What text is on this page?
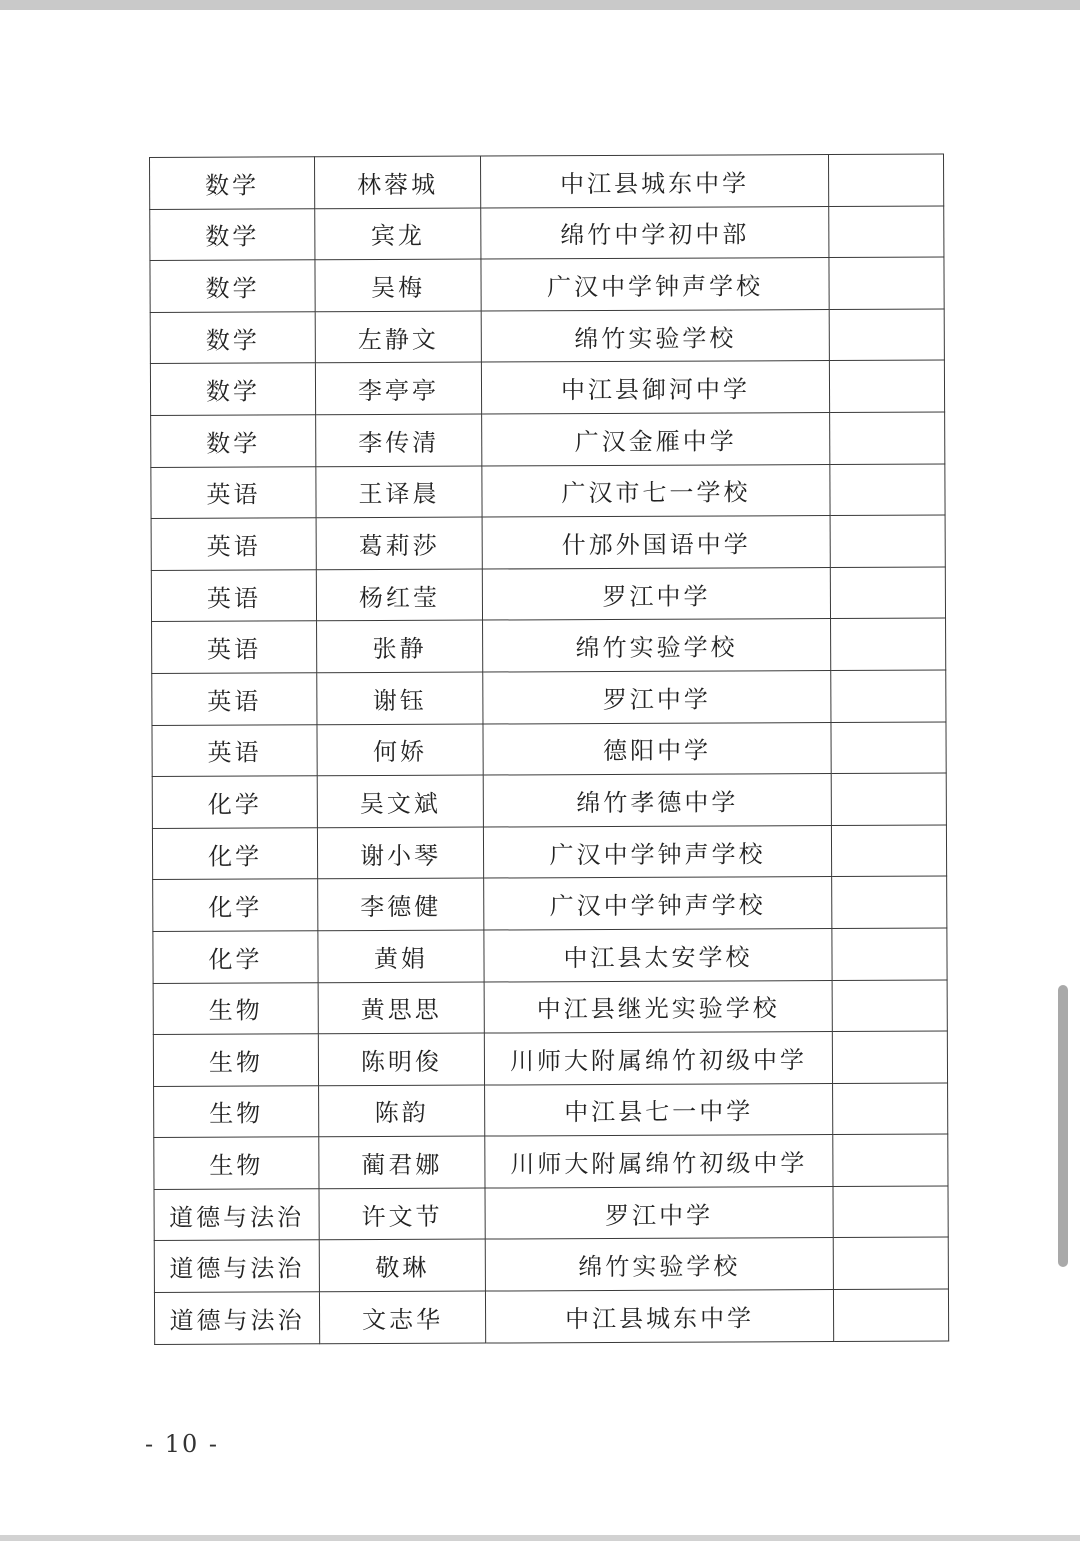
数学	林蓉城	中江县城东中学	
数学	宾龙	绵竹中学初中部	
数学	吴梅	广汉中学钟声学校	
数学	左静文	绵竹实验学校	
数学	李亭亭	中江县御河中学	
数学	李传清	广汉金雁中学	
英语	王译晨	广汉市七一学校	
英语	葛莉莎	什邡外国语中学	
英语	杨红莹	罗江中学	
英语	张静	绵竹实验学校	
英语	谢钰	罗江中学	
英语	何娇	德阳中学	
化学	吴文斌	绵竹孝德中学	
化学	谢小琴	广汉中学钟声学校	
化学	李德健	广汉中学钟声学校	
化学	黄娟	中江县太安学校	
生物	黄思思	中江县继光实验学校	
生物	陈明俊	川师大附属绵竹初级中学	
生物	陈韵	中江县七一中学	
生物	蔺君娜	川师大附属绵竹初级中学	
道德与法治	许文节	罗江中学	
道德与法治	敬琳	绵竹实验学校	
道德与法治	文志华	中江县城东中学	
- 10 -
